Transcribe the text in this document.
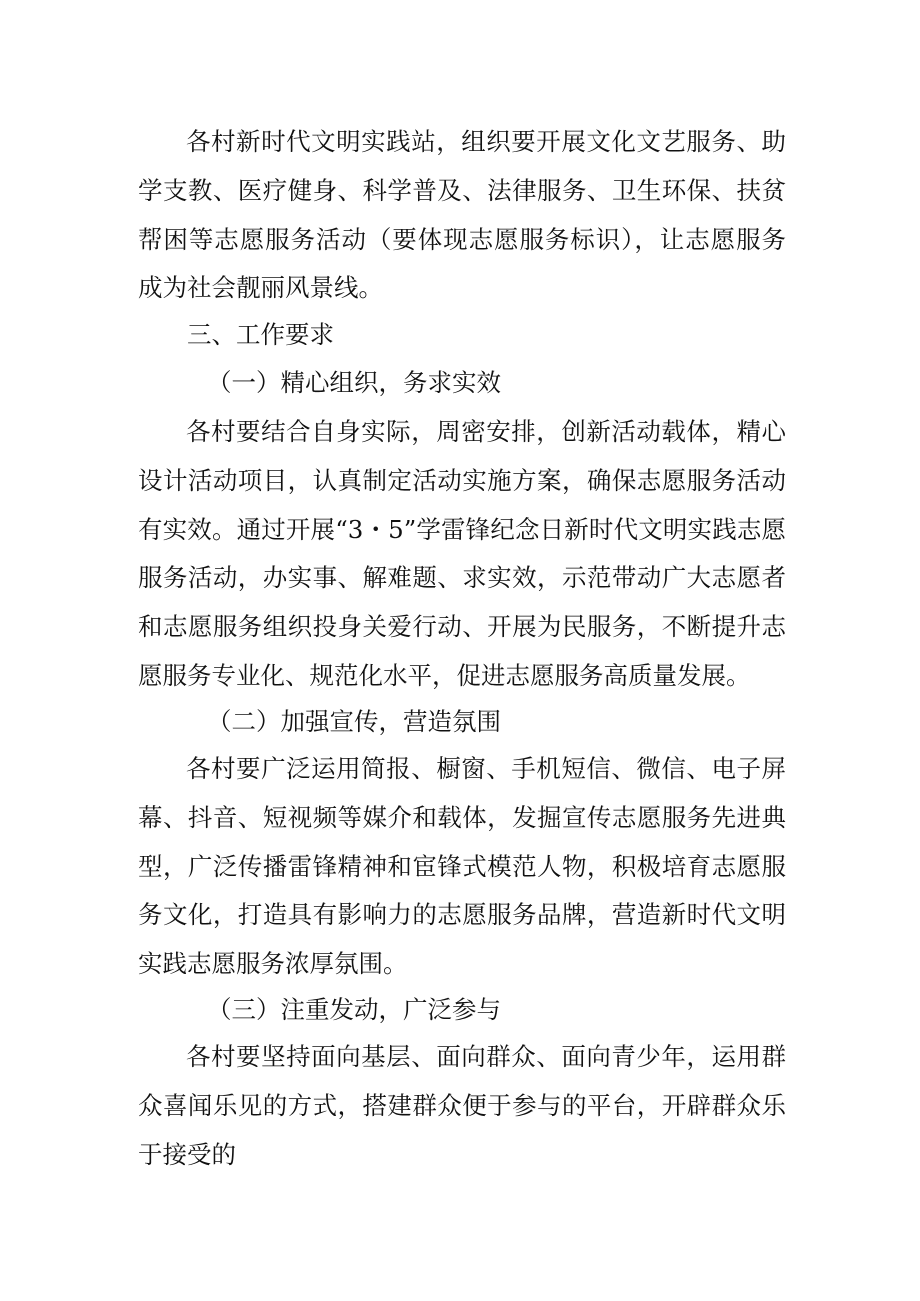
各村新时代文明实践站，组织要开展文化文艺服务、助学支教、医疗健身、科学普及、法律服务、卫生环保、扶贫帮困等志愿服务活动（要体现志愿服务标识），让志愿服务成为社会靓丽风景线。

三、工作要求

（一）精心组织，务求实效

各村要结合自身实际，周密安排，创新活动载体，精心设计活动项目，认真制定活动实施方案，确保志愿服务活动有实效。通过开展“3・5”学雷锋纪念日新时代文明实践志愿服务活动，办实事、解难题、求实效，示范带动广大志愿者和志愿服务组织投身关爱行动、开展为民服务，不断提升志愿服务专业化、规范化水平，促进志愿服务高质量发展。

（二）加强宣传，营造氛围

各村要广泛运用简报、橱窗、手机短信、微信、电子屏幕、抖音、短视频等媒介和载体，发掘宣传志愿服务先进典型，广泛传播雷锋精神和宦锋式模范人物，积极培育志愿服务文化，打造具有影响力的志愿服务品牌，营造新时代文明实践志愿服务浓厚氛围。

（三）注重发动，广泛参与

各村要坚持面向基层、面向群众、面向青少年，运用群众喜闻乐见的方式，搭建群众便于参与的平台，开辟群众乐于接受的
